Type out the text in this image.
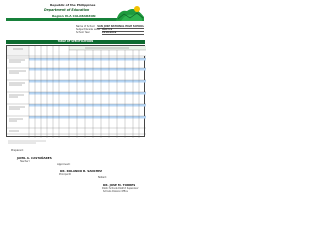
Republic of the Philippines
Department of Education
Region IV-A CALABARZON
Name of School	SAN JOSE NATIONAL HIGH SCHOOL
Subject/Grade Level MATH 8
School Year	2018-2019
TABLE OF SPECIFICATIONS
Prepared:
JAMIL A. CASTAÑARES
Teacher I
Approved:
DR. ROLANDO B. SANCHEZ
Principal III
Noted:
DR. JOSE M. TORRES
Public Schools District Supervisor
Schools Division Office
